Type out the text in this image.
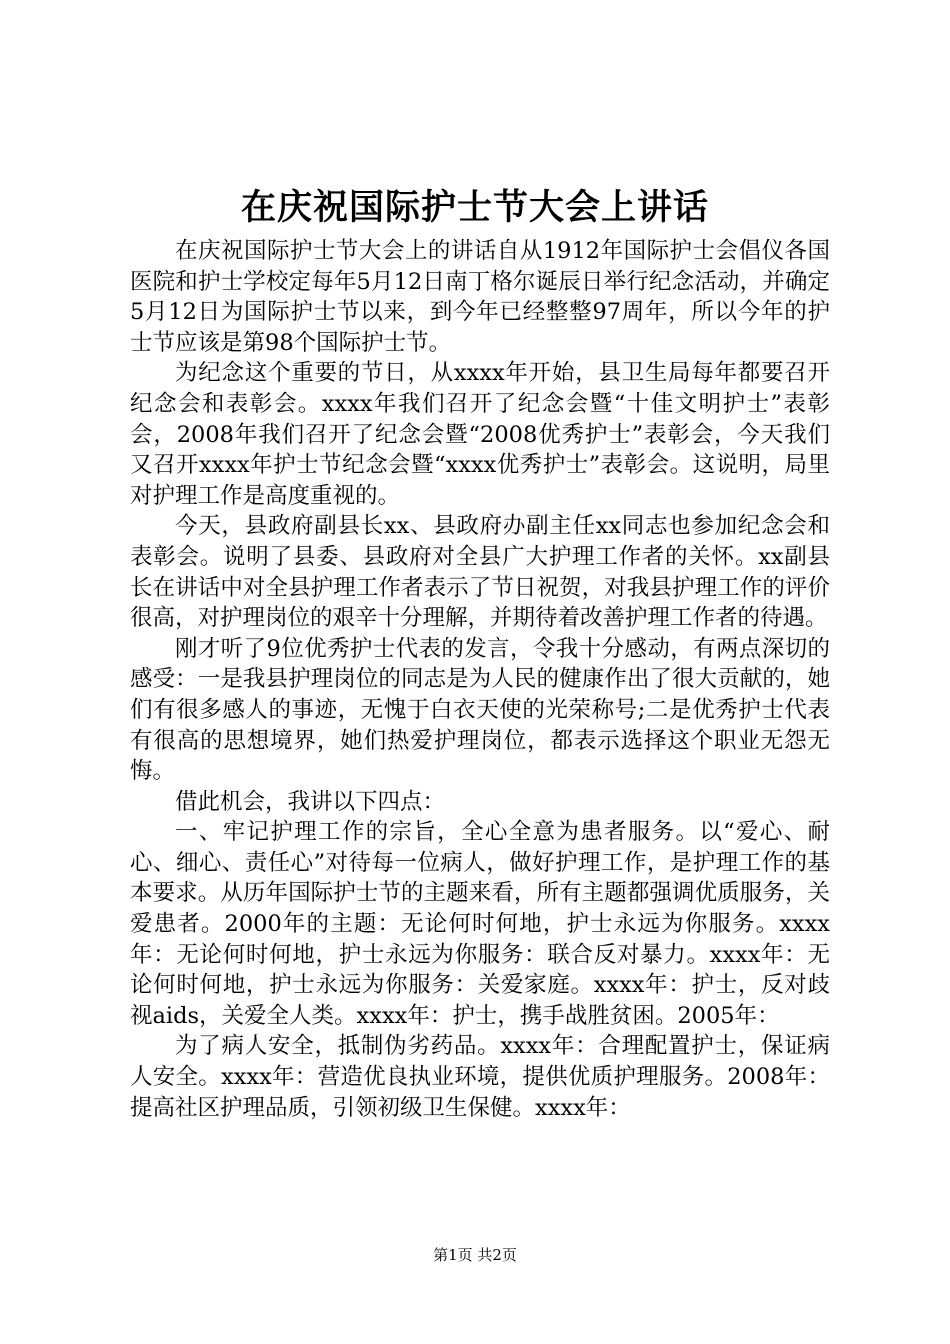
在庆祝国际护士节大会上讲话

在庆祝国际护士节大会上的讲话自从1912年国际护士会倡仪各国医院和护士学校定每年5月12日南丁格尔诞辰日举行纪念活动，并确定5月12日为国际护士节以来，到今年已经整整97周年，所以今年的护士节应该是第98个国际护士节。

为纪念这个重要的节日，从xxxx年开始，县卫生局每年都要召开纪念会和表彰会。xxxx年我们召开了纪念会暨“十佳文明护士”表彰会，2008年我们召开了纪念会暨“2008优秀护士”表彰会，今天我们又召开xxxx年护士节纪念会暨“xxxx优秀护士”表彰会。这说明，局里对护理工作是高度重视的。

今天，县政府副县长xx、县政府办副主任xx同志也参加纪念会和表彰会。说明了县委、县政府对全县广大护理工作者的关怀。xx副县长在讲话中对全县护理工作者表示了节日祝贺，对我县护理工作的评价很高，对护理岗位的艰辛十分理解，并期待着改善护理工作者的待遇。

刚才听了9位优秀护士代表的发言，令我十分感动，有两点深切的感受：一是我县护理岗位的同志是为人民的健康作出了很大贡献的，她们有很多感人的事迹，无愧于白衣天使的光荣称号;二是优秀护士代表有很高的思想境界，她们热爱护理岗位，都表示选择这个职业无怨无悔。

借此机会，我讲以下四点：

一、牢记护理工作的宗旨，全心全意为患者服务。以“爱心、耐心、细心、责任心”对待每一位病人，做好护理工作，是护理工作的基本要求。从历年国际护士节的主题来看，所有主题都强调优质服务，关爱患者。2000年的主题：无论何时何地，护士永远为你服务。xxxx年：无论何时何地，护士永远为你服务：联合反对暴力。xxxx年：无论何时何地，护士永远为你服务：关爱家庭。xxxx年：护士，反对歧视aids，关爱全人类。xxxx年：护士，携手战胜贫困。2005年：

为了病人安全，抵制伪劣药品。xxxx年：合理配置护士，保证病人安全。xxxx年：营造优良执业环境，提供优质护理服务。2008年：提高社区护理品质，引领初级卫生保健。xxxx年：

第1页 共2页
